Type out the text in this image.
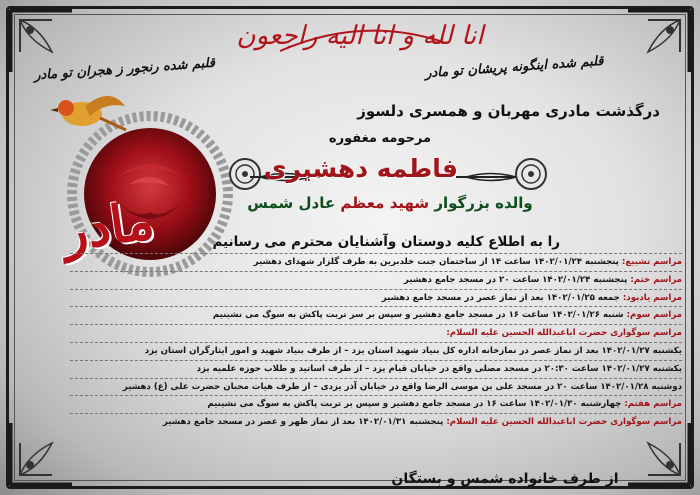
انا لله و انا الیه راجعون
قلبم شده رنجور ز هجران تو مادر	قلبم شده اینگونه پریشان تو مادر
مادر
درگذشت مادری مهربان و همسری دلسوز
مرحومه مغفوره
فاطمه دهشیری
والده بزرگوار شهید معظم عادل شمس
را به اطلاع کلیه دوستان وآشنایان محترم می رسانیم
مراسم تشییع: پنجشنبه ۱۴۰۲/۰۱/۲۴ ساعت ۱۴ از ساختمان جنت خلدبرین به طرف گلزار شهدای دهشیر
مراسم ختم: پنجشنبه ۱۴۰۲/۰۱/۲۴ ساعت ۲۰ در مسجد جامع دهشیر
مراسم یادبود: جمعه ۱۴۰۲/۰۱/۲۵ بعد از نماز عصر در مسجد جامع دهشیر
مراسم سوم: شنبه ۱۴۰۲/۰۱/۲۶ ساعت ۱۶ در مسجد جامع دهشیر و سپس بر سر تربت پاکش به سوگ می نشینیم
مراسم سوگواری حضرت اباعبدالله الحسین علیه السلام:
یکشنبه ۱۴۰۲/۰۱/۲۷ بعد از نماز عصر در نمازخانه اداره کل بنیاد شهید استان یزد – از طرف بنیاد شهید و امور ایثارگران استان یزد
یکشنبه ۱۴۰۲/۰۱/۲۷ ساعت ۲۰:۳۰ در مسجد مصلی واقع در خیابان قیام یزد – از طرف اساتید و طلاب حوزه علمیه یزد
دوشنبه ۱۴۰۲/۰۱/۲۸ ساعت ۲۰ در مسجد علی بن موسی الرضا واقع در خیابان آذر یزدی – از طرف هیات محبان حضرت علی (ع) دهشیر
مراسم هفتم: چهارشنبه ۱۴۰۲/۰۱/۳۰ ساعت ۱۶ در مسجد جامع دهشیر و سپس بر تربت پاکش به سوگ می نشینیم
مراسم سوگواری حضرت اباعبدالله الحسین علیه السلام: پنجشنبه ۱۴۰۲/۰۱/۳۱ بعد از نماز ظهر و عصر در مسجد جامع دهشیر
از طرف خانواده شمس و بستگان
